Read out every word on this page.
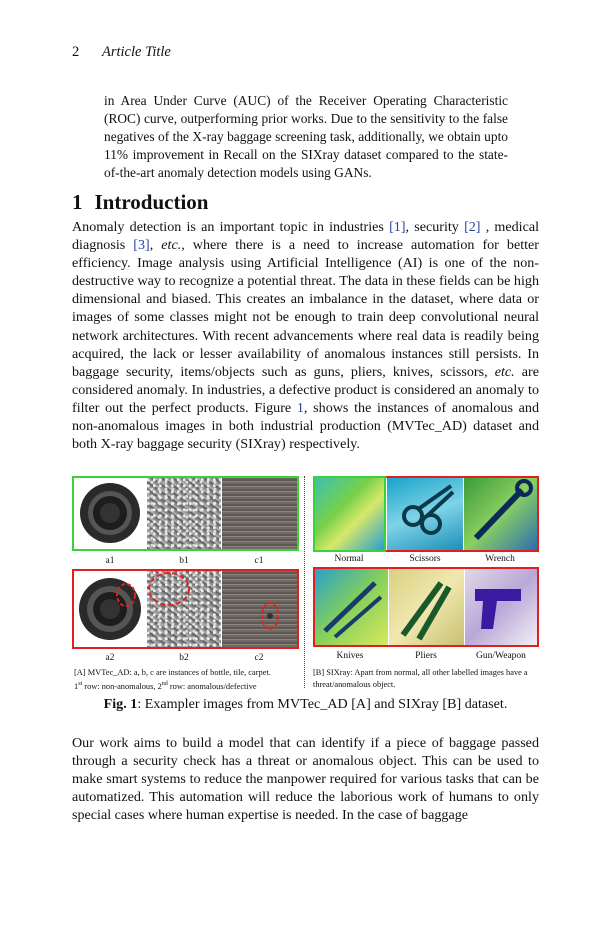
2 Article Title
in Area Under Curve (AUC) of the Receiver Operating Characteristic (ROC) curve, outperforming prior works. Due to the sensitivity to the false negatives of the X-ray baggage screening task, additionally, we obtain upto 11% improvement in Recall on the SIXray dataset compared to the state-of-the-art anomaly detection models using GANs.
1 Introduction
Anomaly detection is an important topic in industries [1], security [2] , medical diagnosis [3], etc., where there is a need to increase automation for better efficiency. Image analysis using Artificial Intelligence (AI) is one of the non-destructive way to recognize a potential threat. The data in these fields can be high dimensional and biased. This creates an imbalance in the dataset, where data or images of some classes might not be enough to train deep convolutional neural network architectures. With recent advancements where real data is readily being acquired, the lack or lesser availability of anomalous instances still persists. In baggage security, items/objects such as guns, pliers, knives, scissors, etc. are considered anomaly. In industries, a defective product is considered an anomaly to filter out the perfect products. Figure 1, shows the instances of anomalous and non-anomalous images in both industrial production (MVTec_AD) dataset and both X-ray baggage security (SIXray) respectively.
a1	b1	c1
a2	b2	c2
[A] MVTec_AD: a, b, c are instances of bottle, tile, carpet.
1st row: non-anomalous, 2nd row: anomalous/defective
Normal	Scissors	Wrench
Knives	Pliers	Gun/Weapon
[B] SIXray: Apart from normal, all other labelled images have a threat/anomalous object.
Fig. 1: Exampler images from MVTec_AD [A] and SIXray [B] dataset.
Our work aims to build a model that can identify if a piece of baggage passed through a security check has a threat or anomalous object. This can be used to make smart systems to reduce the manpower required for various tasks that can be automatized. This automation will reduce the laborious work of humans to only special cases where human expertise is needed. In the case of baggage
